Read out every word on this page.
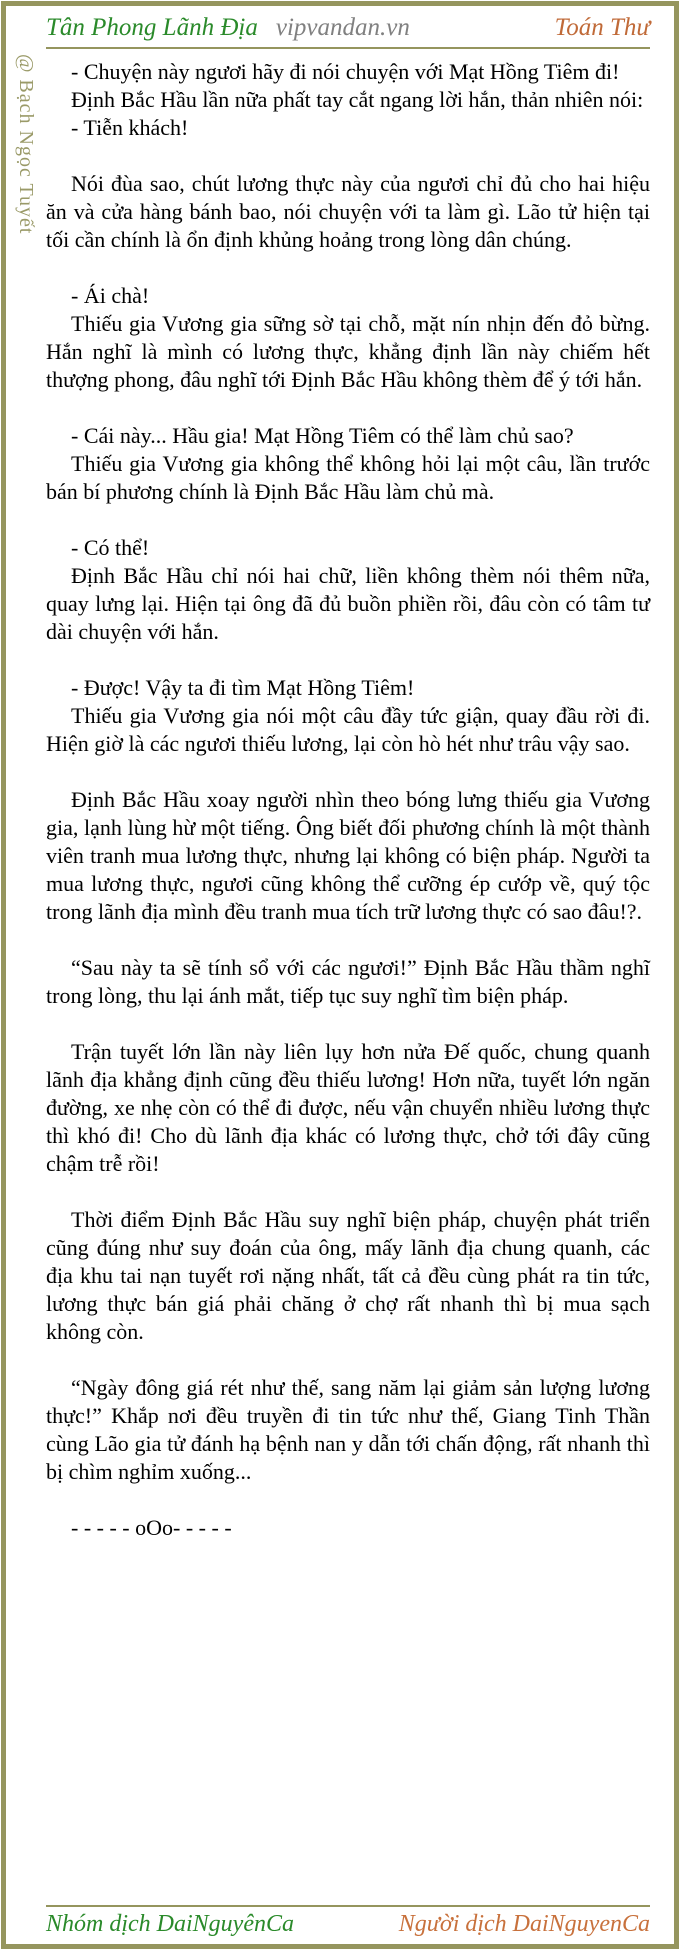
Tân Phong Lãnh Địa vipvandan.vn	Toán Thư
@ Bạch Ngọc Tuyết	- Chuyện này ngươi hãy đi nói chuyện với Mạt Hồng Tiêm đi!

Định Bắc Hầu lần nữa phất tay cắt ngang lời hắn, thản nhiên nói:

- Tiễn khách!

Nói đùa sao, chút lương thực này của ngươi chỉ đủ cho hai hiệu ăn và cửa hàng bánh bao, nói chuyện với ta làm gì. Lão tử hiện tại tối cần chính là ổn định khủng hoảng trong lòng dân chúng.

- Ái chà!

Thiếu gia Vương gia sững sờ tại chỗ, mặt nín nhịn đến đỏ bừng. Hắn nghĩ là mình có lương thực, khẳng định lần này chiếm hết thượng phong, đâu nghĩ tới Định Bắc Hầu không thèm để ý tới hắn.

- Cái này... Hầu gia! Mạt Hồng Tiêm có thể làm chủ sao?

Thiếu gia Vương gia không thể không hỏi lại một câu, lần trước bán bí phương chính là Định Bắc Hầu làm chủ mà.

- Có thể!

Định Bắc Hầu chỉ nói hai chữ, liền không thèm nói thêm nữa, quay lưng lại. Hiện tại ông đã đủ buồn phiền rồi, đâu còn có tâm tư dài chuyện với hắn.

- Được! Vậy ta đi tìm Mạt Hồng Tiêm!

Thiếu gia Vương gia nói một câu đầy tức giận, quay đầu rời đi. Hiện giờ là các ngươi thiếu lương, lại còn hò hét như trâu vậy sao.

Định Bắc Hầu xoay người nhìn theo bóng lưng thiếu gia Vương gia, lạnh lùng hừ một tiếng. Ông biết đối phương chính là một thành viên tranh mua lương thực, nhưng lại không có biện pháp. Người ta mua lương thực, ngươi cũng không thể cưỡng ép cướp về, quý tộc trong lãnh địa mình đều tranh mua tích trữ lương thực có sao đâu!?.

“Sau này ta sẽ tính sổ với các ngươi!” Định Bắc Hầu thầm nghĩ trong lòng, thu lại ánh mắt, tiếp tục suy nghĩ tìm biện pháp.

Trận tuyết lớn lần này liên lụy hơn nửa Đế quốc, chung quanh lãnh địa khẳng định cũng đều thiếu lương! Hơn nữa, tuyết lớn ngăn đường, xe nhẹ còn có thể đi được, nếu vận chuyển nhiều lương thực thì khó đi! Cho dù lãnh địa khác có lương thực, chở tới đây cũng chậm trễ rồi!

Thời điểm Định Bắc Hầu suy nghĩ biện pháp, chuyện phát triển cũng đúng như suy đoán của ông, mấy lãnh địa chung quanh, các địa khu tai nạn tuyết rơi nặng nhất, tất cả đều cùng phát ra tin tức, lương thực bán giá phải chăng ở chợ rất nhanh thì bị mua sạch không còn.

“Ngày đông giá rét như thế, sang năm lại giảm sản lượng lương thực!” Khắp nơi đều truyền đi tin tức như thế, Giang Tinh Thần cùng Lão gia tử đánh hạ bệnh nan y dẫn tới chấn động, rất nhanh thì bị chìm nghỉm xuống...

- - - - - oOo- - - - -

Nhóm dịch DaiNguyênCa	Người dịch DaiNguyenCa
